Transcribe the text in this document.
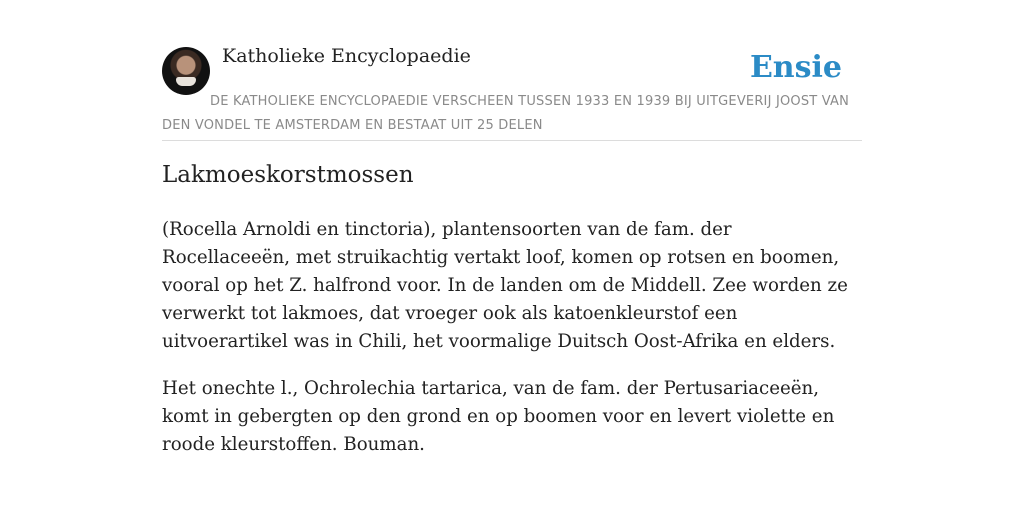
Katholieke Encyclopaedie	Ensie

DE KATHOLIEKE ENCYCLOPAEDIE VERSCHEEN TUSSEN 1933 EN 1939 BIJ UITGEVERIJ JOOST VAN DEN VONDEL TE AMSTERDAM EN BESTAAT UIT 25 DELEN

Lakmoeskorstmossen

(Rocella Arnoldi en tinctoria), plantensoorten van de fam. der Rocellaceeën, met struikachtig vertakt loof, komen op rotsen en boomen, vooral op het Z. halfrond voor. In de landen om de Middell. Zee worden ze verwerkt tot lakmoes, dat vroeger ook als katoenkleurstof een uitvoerartikel was in Chili, het voormalige Duitsch Oost-Afrika en elders.

Het onechte l., Ochrolechia tartarica, van de fam. der Pertusariaceeën, komt in gebergten op den grond en op boomen voor en levert violette en roode kleurstoffen. Bouman.
